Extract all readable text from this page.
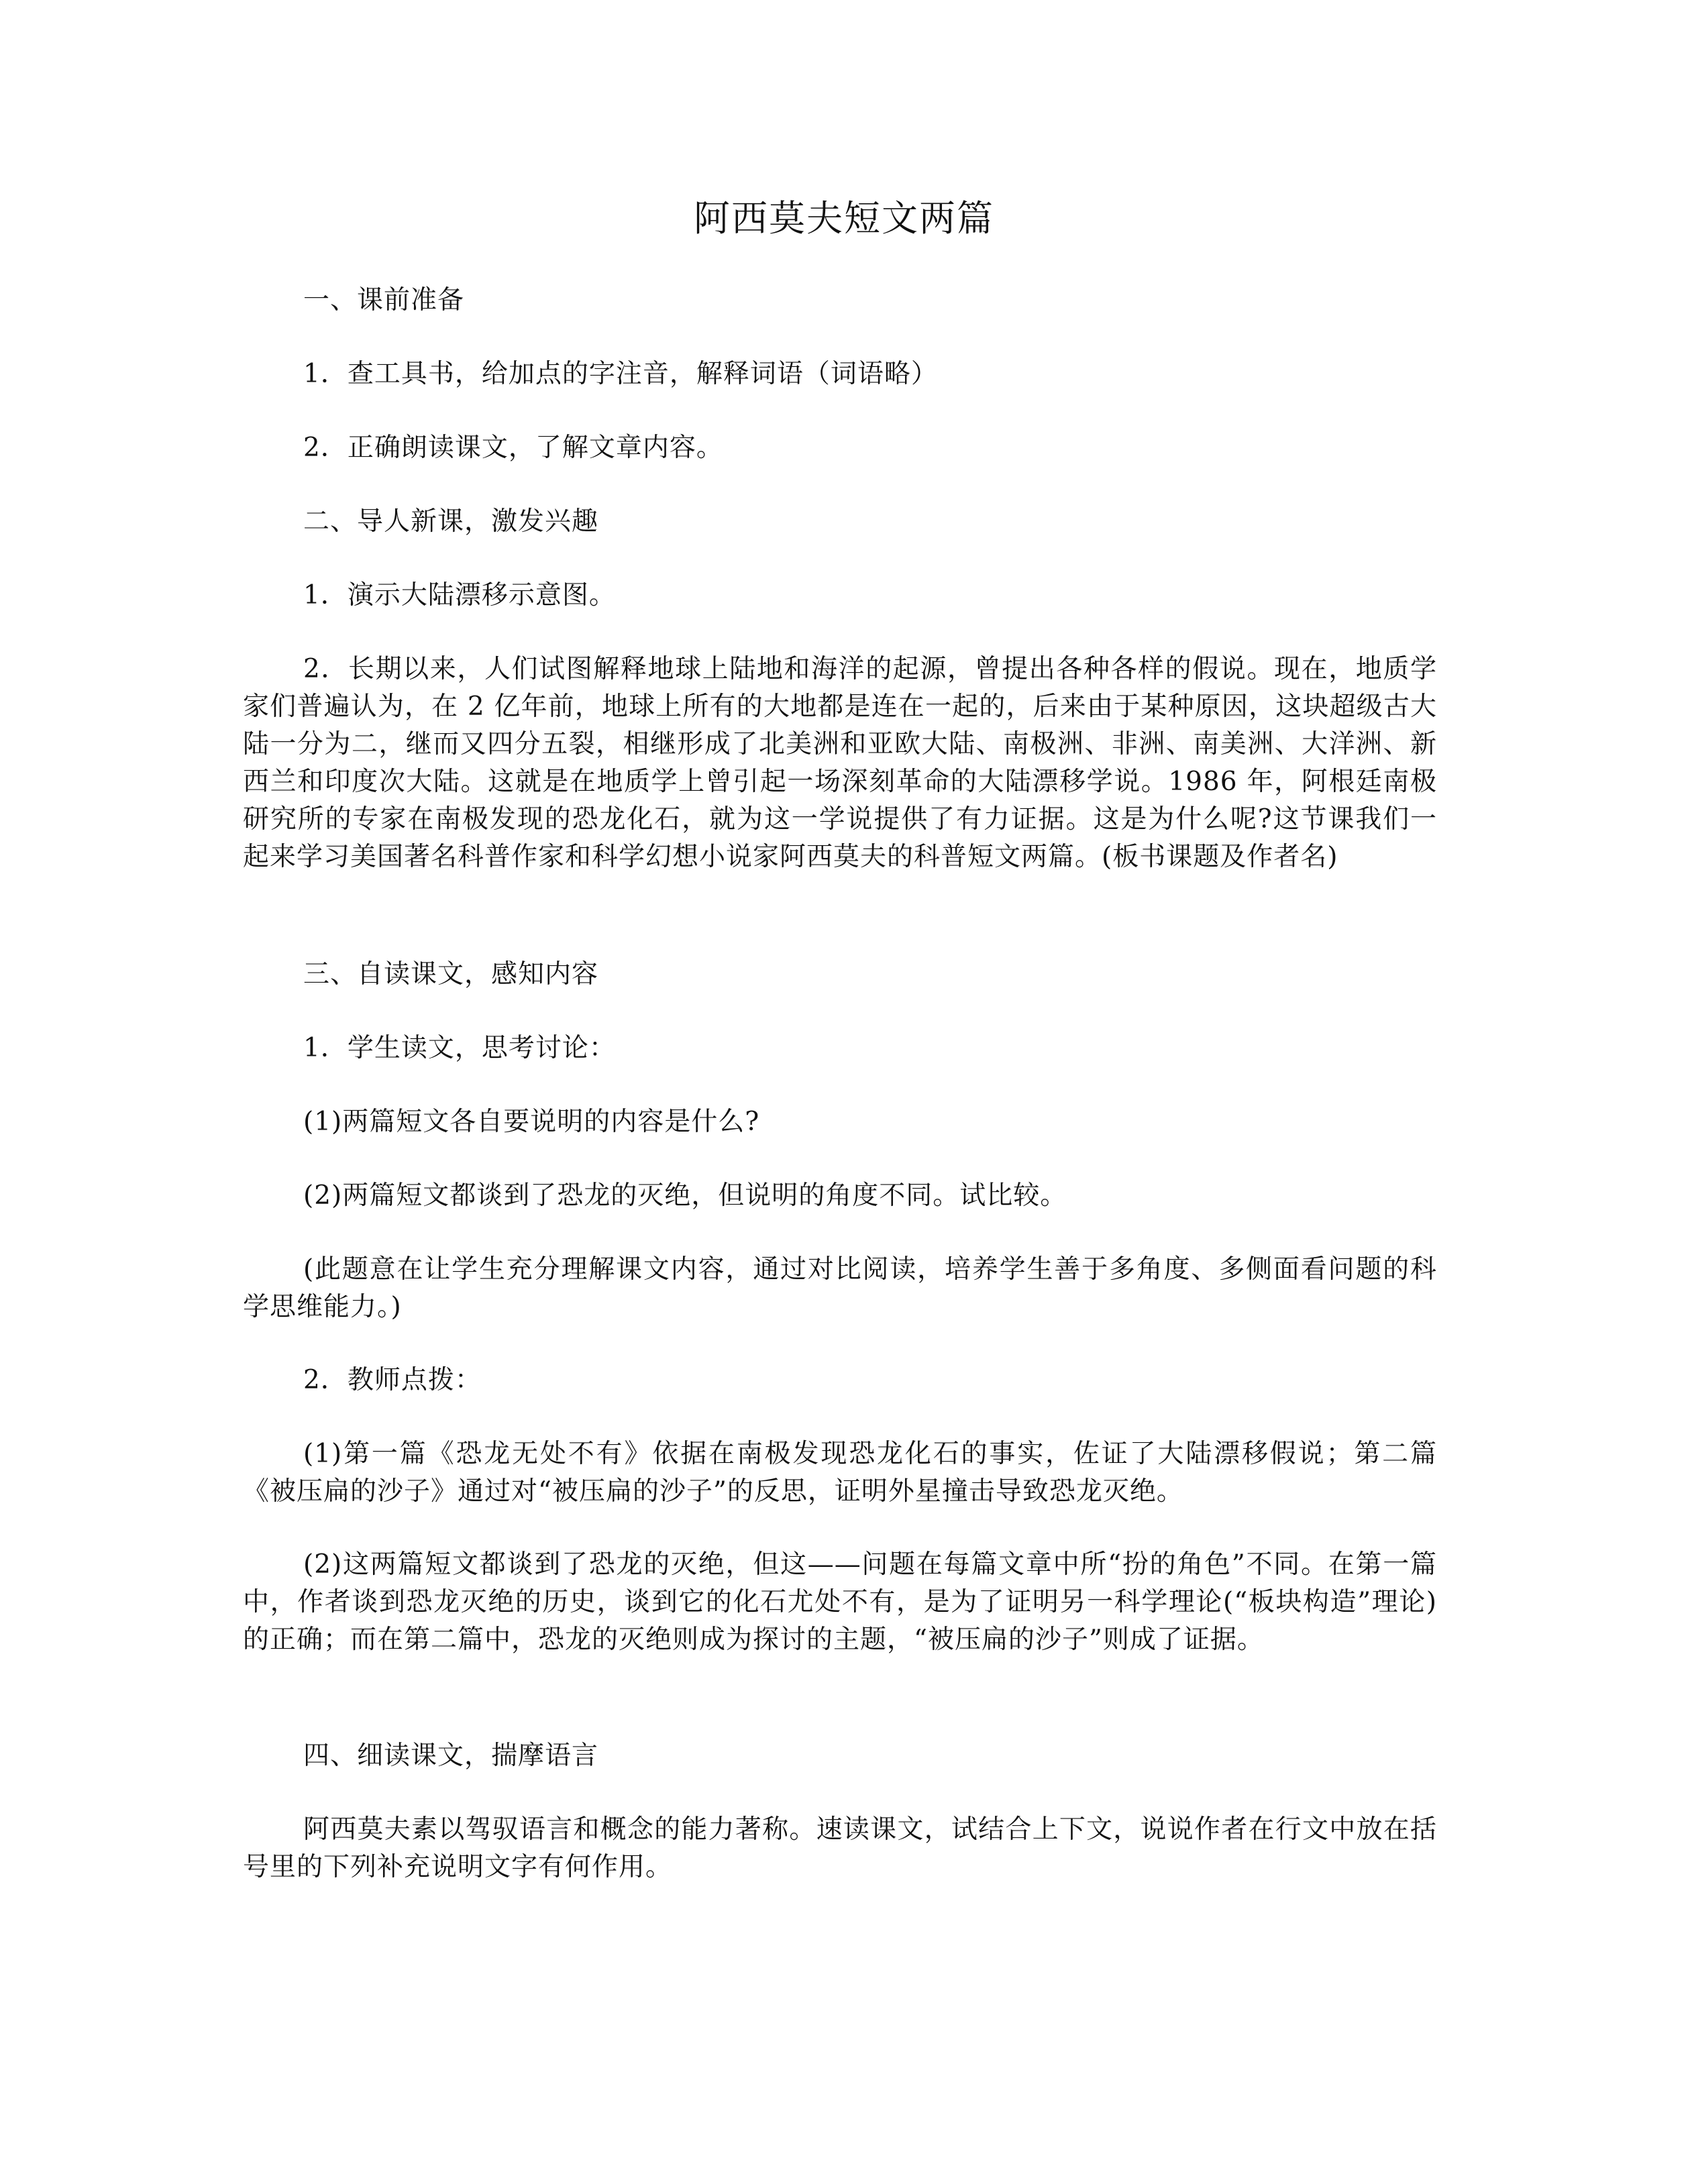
阿西莫夫短文两篇

一、课前准备

1．查工具书，给加点的字注音，解释词语（词语略）

2．正确朗读课文，了解文章内容。

二、导人新课，激发兴趣

1．演示大陆漂移示意图。

2．长期以来，人们试图解释地球上陆地和海洋的起源，曾提出各种各样的假说。现在，地质学家们普遍认为，在 2 亿年前，地球上所有的大地都是连在一起的，后来由于某种原因，这块超级古大陆一分为二，继而又四分五裂，相继形成了北美洲和亚欧大陆、南极洲、非洲、南美洲、大洋洲、新西兰和印度次大陆。这就是在地质学上曾引起一场深刻革命的大陆漂移学说。1986 年，阿根廷南极研究所的专家在南极发现的恐龙化石，就为这一学说提供了有力证据。这是为什么呢?这节课我们一起来学习美国著名科普作家和科学幻想小说家阿西莫夫的科普短文两篇。(板书课题及作者名)

三、自读课文，感知内容

1．学生读文，思考讨论：

(1)两篇短文各自要说明的内容是什么?

(2)两篇短文都谈到了恐龙的灭绝，但说明的角度不同。试比较。

(此题意在让学生充分理解课文内容，通过对比阅读，培养学生善于多角度、多侧面看问题的科学思维能力。)

2．教师点拨：

(1)第一篇《恐龙无处不有》依据在南极发现恐龙化石的事实，佐证了大陆漂移假说；第二篇《被压扁的沙子》通过对“被压扁的沙子”的反思，证明外星撞击导致恐龙灭绝。

(2)这两篇短文都谈到了恐龙的灭绝，但这——问题在每篇文章中所“扮的角色”不同。在第一篇中，作者谈到恐龙灭绝的历史，谈到它的化石尤处不有，是为了证明另一科学理论(“板块构造”理论)的正确；而在第二篇中，恐龙的灭绝则成为探讨的主题，“被压扁的沙子”则成了证据。

四、细读课文，揣摩语言

阿西莫夫素以驾驭语言和概念的能力著称。速读课文，试结合上下文，说说作者在行文中放在括号里的下列补充说明文字有何作用。
